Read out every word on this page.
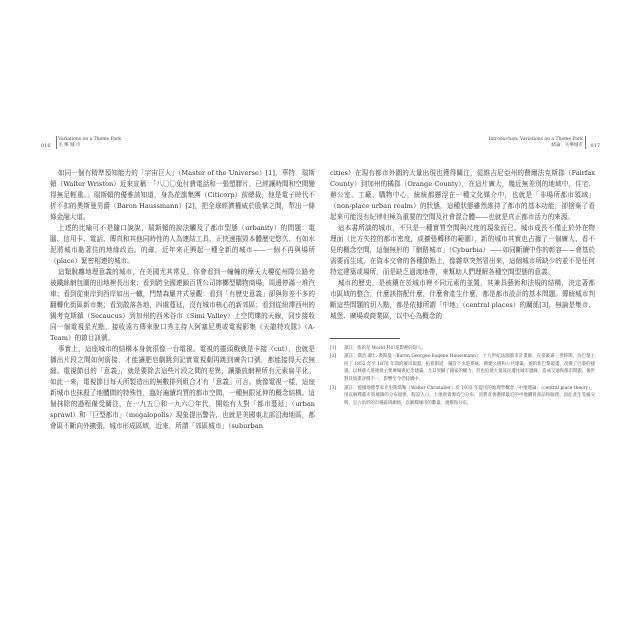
016
Variations on a Theme Park
失 樂 城 市

如同一個有精準預知能力的「宇宙巨人」（Master of the Universe）[1]，華特．瑞斯頓（Walter Wriston）近來宣稱：「八〇〇兔付費電話和一張塑膠片，已經讓時間和空間變得無足輕重。」瑞斯頓的優雅該知道，身為花旗集團（Citicorp）前總裁，他是電子時代不折不扣的奧斯曼男爵（Baron Haussmann）[2]，把全球經濟權威於股掌之間，犁出一條條金融大道。

上述的比喻可不是隨口說說，瑞斯頓的說法觸及了都市型態（urbanity）的問題：電腦、信用卡、電話、傳真和其他同時性的人為連結工具，正快速摧毀本體歷史悠久、有如水泥將城市黏著住的地緣政治。的確，近年來正興起一種全新的城市——一個不再與場所（place）緊密相連的城市。

這類脫離地理意義的城市，在美國尤其常見。你會看到一幢幢的摩天大樓從州際公路旁被鐵絲網包圍的田地裡長出來；看到跨全國連鎖百貨公司摔擲型購物商場，周邊停滿一堆汽車；看到從東岸到西岸如出一轍，門禁森嚴井式景觀：看到「有歷史意義」卻與你差不多的翻轉化街區新市集；看到散落各地，四處蔓延，沒有城市核心的新郊區；看到從紐澤西州的錫考克斯鎮（Secaucus）到加州的西米谷市（Simi Valley）上空閃爍的天線，同步接收同一個電視星光點，接收遠方傳來脫口秀主持人阿塞尼奧或電視影集《天龍特攻隊》（A-Team）的節目訊號。

事實上，這座城市的結構本身就很像一台電視。電視的靈頭戲就是卡接（cut），也就是播出片段之間如何銜接，才能讓肥皂劇跳到記實電視劇再跳到廣告口號，都能接得天衣無縫。電視節目的「意義」，就是要除去這些片段之間的差異，讓播放網裡所有元素扁平化。如此一來，電視節目每天所製造出的無數排列組合才有「意義」可言。就像電視一樣，這座新城市也抹殺了地體間的特殊性，臨好遍續均質的都市空間，一種無限延伸的概念結構。這個抹除的過程備受關注，在一九五〇和一九六〇年代，開始有人對「都市蔓延」（urban sprawl）和「巨型都市」（megalopolis）現象提出警告，也就是美國東北部沿海地區，都會區不斷向外擴張，城市形成區域，近來，所謂「郊區城市」（suburban

Introduction: Variations on a Theme Park
緒論：失樂城市	017

cities）在現有都市外圍的大量出現也獲得關注，從維吉尼亞州的費爾法克斯郡（Fairfax County）到加州的橘郡（Orange County），在這片廣大，幾近無差別的地域中，住宅、辦公室、工廠、購物中心，統統都懸浮在一種文化媒介中，也就是「非場所都市領域」（non-place urban realm）的狀態，這種狀態雖然維持了都市的基本功能，卻捨棄了看起來可能沒有紀律但極為重要的空間及社會混合體——也就是真正都市活力的來源。

這本書所談的城市，不只是一種實質空間與尺度的現象而已。城市成長不僅止於外在物理面（比方失控的都市密度，或擴張轉移的範圍），新的城市其實也占據了一個廣大、看不見的概念空間，這個無形的「網路城市」（Cyburbia）——如同斷續中作的彰容——會基於需要而生成，在資本交會的各種節點上，像雜草突然冒出來，這個城市所缺少的並不是任何特定建築或場所，而是缺乏過渡地帶，來幫助人們理解各種空間型態的意義。

城市的歷史，是被鑲在於城市裡不同元素的並置，其兼具藝術和法規的結構，決定著都市區域的整合，什麼該搭配什麼，什麼會產生什麼，都是都市設計的基本問題。傳統城市判斷這些問題的切入點，都是依據所謂「中地」（central places）的關係[3]，無論是集市、城堡、廣場或商業區，以中心為概念的

[1]	譯註：指的是 World 科幻電影裡的超人。
[2]	譯註：喬治·歐仁·奧斯曼（Baron Georges-Eugène Haussmann），十九世紀法國都市計畫師，在拿破崙三世時期，為巴黎主持了 1852 年至 1870 年間的城市規畫，拓寬街道，鋪設下水道系統，興建公園和公共建築，他的新巴黎規畫，改變了巴黎的樣貌，以林蔭大道連接主要廣場與紀念建築，尤其突顯了國家的權力，但也迫使大量貧民遷往城市邊緣，造成交通和都市問題，後世對其規畫評價不一，影響至今仍持續中。
[3]	譯註：德國地理學家克里斯塔勒（Walter Christaller）於 1933 年提出的地理學概念「中地理論」（central place theory），用以解釋都市與城鎮的分布規律，假設人口、土地與資源均勻分布，消費者會選擇最近的中地購買商品和服務，因此產生等級分明、呈六角形的市場區域網絡，以解釋城市的數量、規模和分布。
